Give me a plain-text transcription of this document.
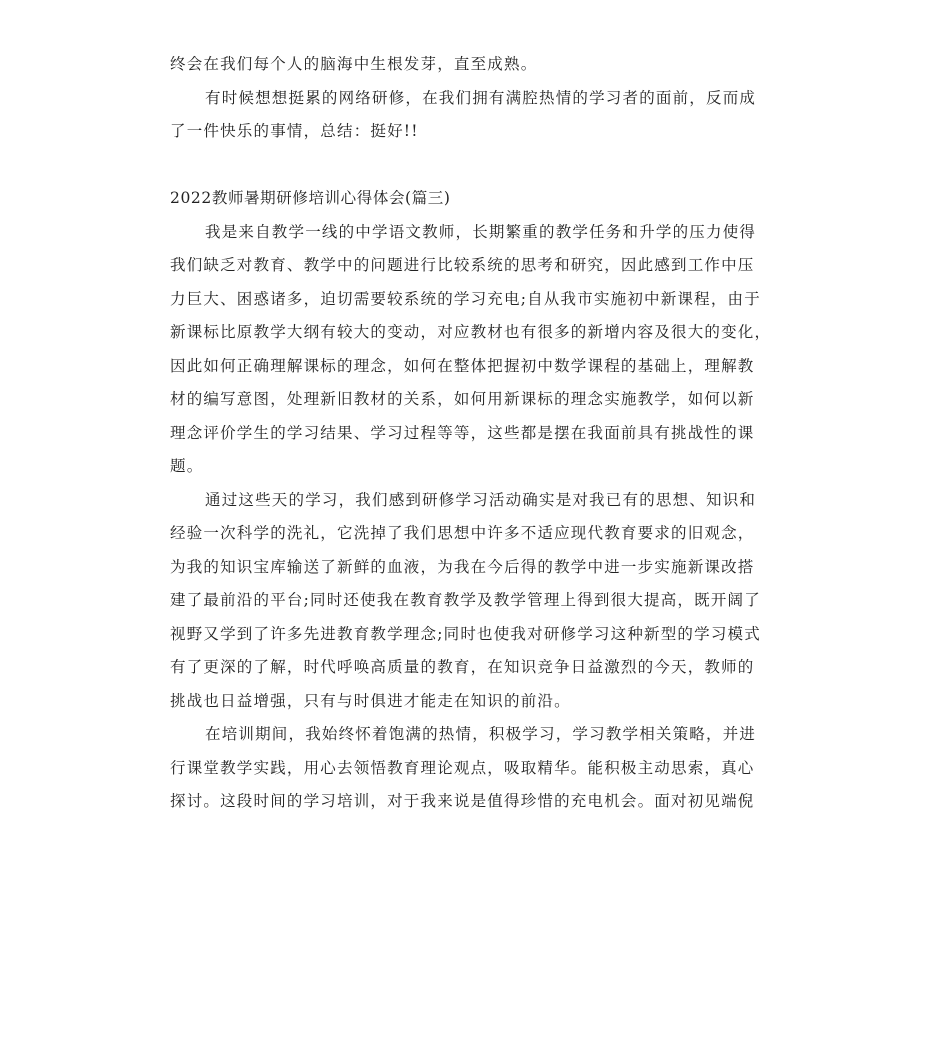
终会在我们每个人的脑海中生根发芽，直至成熟。
有时候想想挺累的网络研修，在我们拥有满腔热情的学习者的面前，反而成
了一件快乐的事情，总结：挺好!!
2022教师暑期研修培训心得体会(篇三)
我是来自教学一线的中学语文教师，长期繁重的教学任务和升学的压力使得
我们缺乏对教育、教学中的问题进行比较系统的思考和研究，因此感到工作中压
力巨大、困惑诸多，迫切需要较系统的学习充电;自从我市实施初中新课程，由于
新课标比原教学大纲有较大的变动，对应教材也有很多的新增内容及很大的变化，
因此如何正确理解课标的理念，如何在整体把握初中数学课程的基础上，理解教
材的编写意图，处理新旧教材的关系，如何用新课标的理念实施教学，如何以新
理念评价学生的学习结果、学习过程等等，这些都是摆在我面前具有挑战性的课
题。
通过这些天的学习，我们感到研修学习活动确实是对我已有的思想、知识和
经验一次科学的洗礼，它洗掉了我们思想中许多不适应现代教育要求的旧观念，
为我的知识宝库输送了新鲜的血液，为我在今后得的教学中进一步实施新课改搭
建了最前沿的平台;同时还使我在教育教学及教学管理上得到很大提高，既开阔了
视野又学到了许多先进教育教学理念;同时也使我对研修学习这种新型的学习模式
有了更深的了解，时代呼唤高质量的教育，在知识竞争日益激烈的今天，教师的
挑战也日益增强，只有与时俱进才能走在知识的前沿。
在培训期间，我始终怀着饱满的热情，积极学习，学习教学相关策略，并进
行课堂教学实践，用心去领悟教育理论观点，吸取精华。能积极主动思索，真心
探讨。这段时间的学习培训，对于我来说是值得珍惜的充电机会。面对初见端倪
